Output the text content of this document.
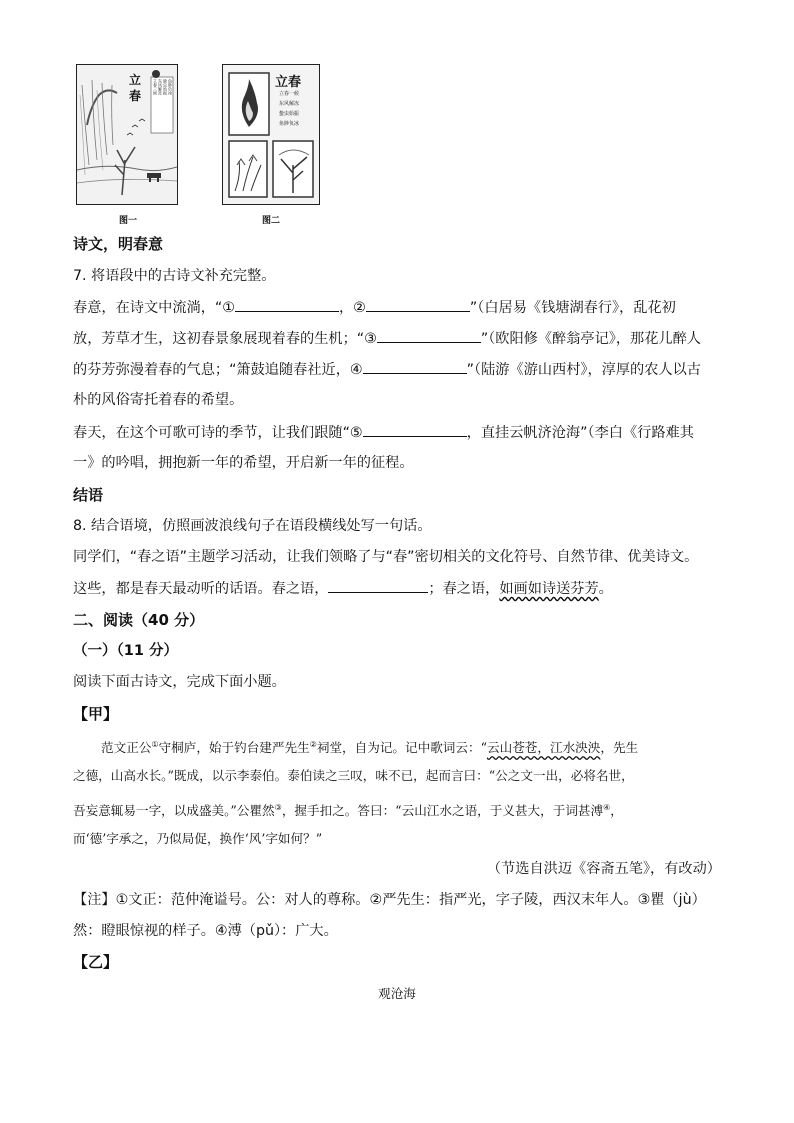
立
春
立春三候 东风解冻 蛰虫始振 鱼陟负冰
图一
立春
立春一候
东风解冻
蛰虫始振
鱼陟负冰
图二
诗文，明春意
7. 将语段中的古诗文补充完整。
春意，在诗文中流淌，“①	，②	”（白居易《钱塘湖春行》，乱花初
放，芳草才生，这初春景象展现着春的生机；“③	”（欧阳修《醉翁亭记》，那花儿醉人
的芬芳弥漫着春的气息；“箫鼓追随春社近，④	”（陆游《游山西村》，淳厚的农人以古
朴的风俗寄托着春的希望。
春天，在这个可歌可诗的季节，让我们跟随“⑤	，直挂云帆济沧海”（李白《行路难其
一》的吟唱，拥抱新一年的希望，开启新一年的征程。
结语
8. 结合语境，仿照画波浪线句子在语段横线处写一句话。
同学们，“春之语”主题学习活动，让我们领略了与“春”密切相关的文化符号、自然节律、优美诗文。
这些，都是春天最动听的话语。春之语，	；春之语，如画如诗送芬芳。
二、阅读（40 分）
（一）（11 分）
阅读下面古诗文，完成下面小题。
【甲】
范文正公①守桐庐，始于钓台建严先生②祠堂，自为记。记中歌词云：“云山苍苍，江水泱泱，先生
之德，山高水长。”既成，以示李泰伯。泰伯读之三叹，味不已，起而言曰：“公之文一出，必将名世，
吾妄意辄易一字，以成盛美。”公瞿然③，握手扣之。答曰：“云山江水之语，于义甚大，于词甚溥④，
而‘德’字承之，乃似局促，换作‘风’字如何？”
（节选自洪迈《容斋五笔》，有改动）
【注】①文正：范仲淹谥号。公：对人的尊称。②严先生：指严光，字子陵，西汉末年人。③瞿（jù）
然：瞪眼惊视的样子。④溥（pǔ）：广大。
【乙】
观沧海
